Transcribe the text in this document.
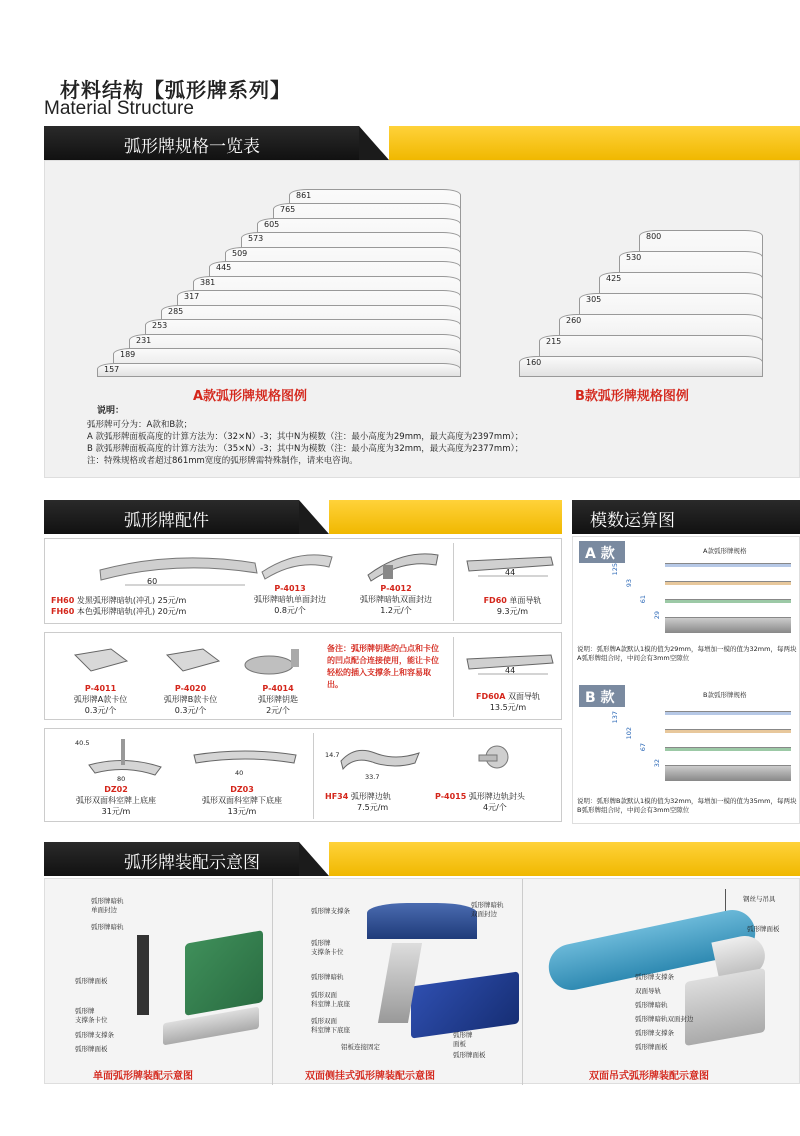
材料结构【弧形牌系列】
Material Structure
弧形牌规格一览表
157
189
231
253
285
317
381
445
509
573
605
765
861
160
215
260
305
425
530
800
A款弧形牌规格图例	B款弧形牌规格图例
说明：
弧形牌可分为：A款和B款；
A 款弧形牌面板高度的计算方法为：（32×N）-3；其中N为模数（注：最小高度为29mm，最大高度为2397mm）；
B 款弧形牌面板高度的计算方法为：（35×N）-3；其中N为模数（注：最小高度为32mm，最大高度为2377mm）；
注：特殊规格或者超过861mm宽度的弧形牌需特殊制作，请来电咨询。
弧形牌配件
60
FH60 发黑弧形牌暗轨(冲孔) 25元/m
FH60 本色弧形牌暗轨(冲孔) 20元/m
P-4013
弧形牌暗轨单面封边
0.8元/个
P-4012
弧形牌暗轨双面封边
1.2元/个
44
FD60 单面导轨
9.3元/m
P-4011
弧形牌A款卡位
0.3元/个
P-4020
弧形牌B款卡位
0.3元/个
P-4014
弧形牌钥匙
2元/个
备注：弧形牌钥匙的凸点和卡位的凹点配合连接使用，能让卡位轻松的插入支撑条上和容易取出。
44
FD60A 双面导轨
13.5元/m
40.5
80
DZ02
弧形双面科室牌上底座
31元/m
40
DZ03
弧形双面科室牌下底座
13元/m
14.7
33.7
HF34 弧形牌边轨
7.5元/m
P-4015 弧形牌边轨封头
4元/个
模数运算图
A 款	A款弧形牌规格
125
93
61
29
说明：弧形牌A款默认1模的值为29mm，每增加一模的值为32mm，每两块A弧形牌组合时，中间会有3mm空隙位
B 款	B款弧形牌规格
137
102
67
32
说明：弧形牌B款默认1模的值为32mm，每增加一模的值为35mm，每两块B弧形牌组合时，中间会有3mm空隙位
弧形牌装配示意图
弧形牌暗轨
单面封边
弧形牌暗轨
弧形牌面板
弧形牌
支撑条卡位
弧形牌支撑条
弧形牌面板
单面弧形牌装配示意图
弧形牌支撑条
弧形牌暗轨
双面封边
弧形牌
支撑条卡位
弧形牌暗轨
弧形双面
科室牌上底座
弧形双面
科室牌下底座
铝板连接固定
弧形牌
面板
弧形牌面板
双面侧挂式弧形牌装配示意图
钢丝与吊具
弧形牌面板
弧形牌支撑条
双面导轨
弧形牌暗轨
弧形牌暗轨双面封边
弧形牌支撑条
弧形牌面板
双面吊式弧形牌装配示意图
